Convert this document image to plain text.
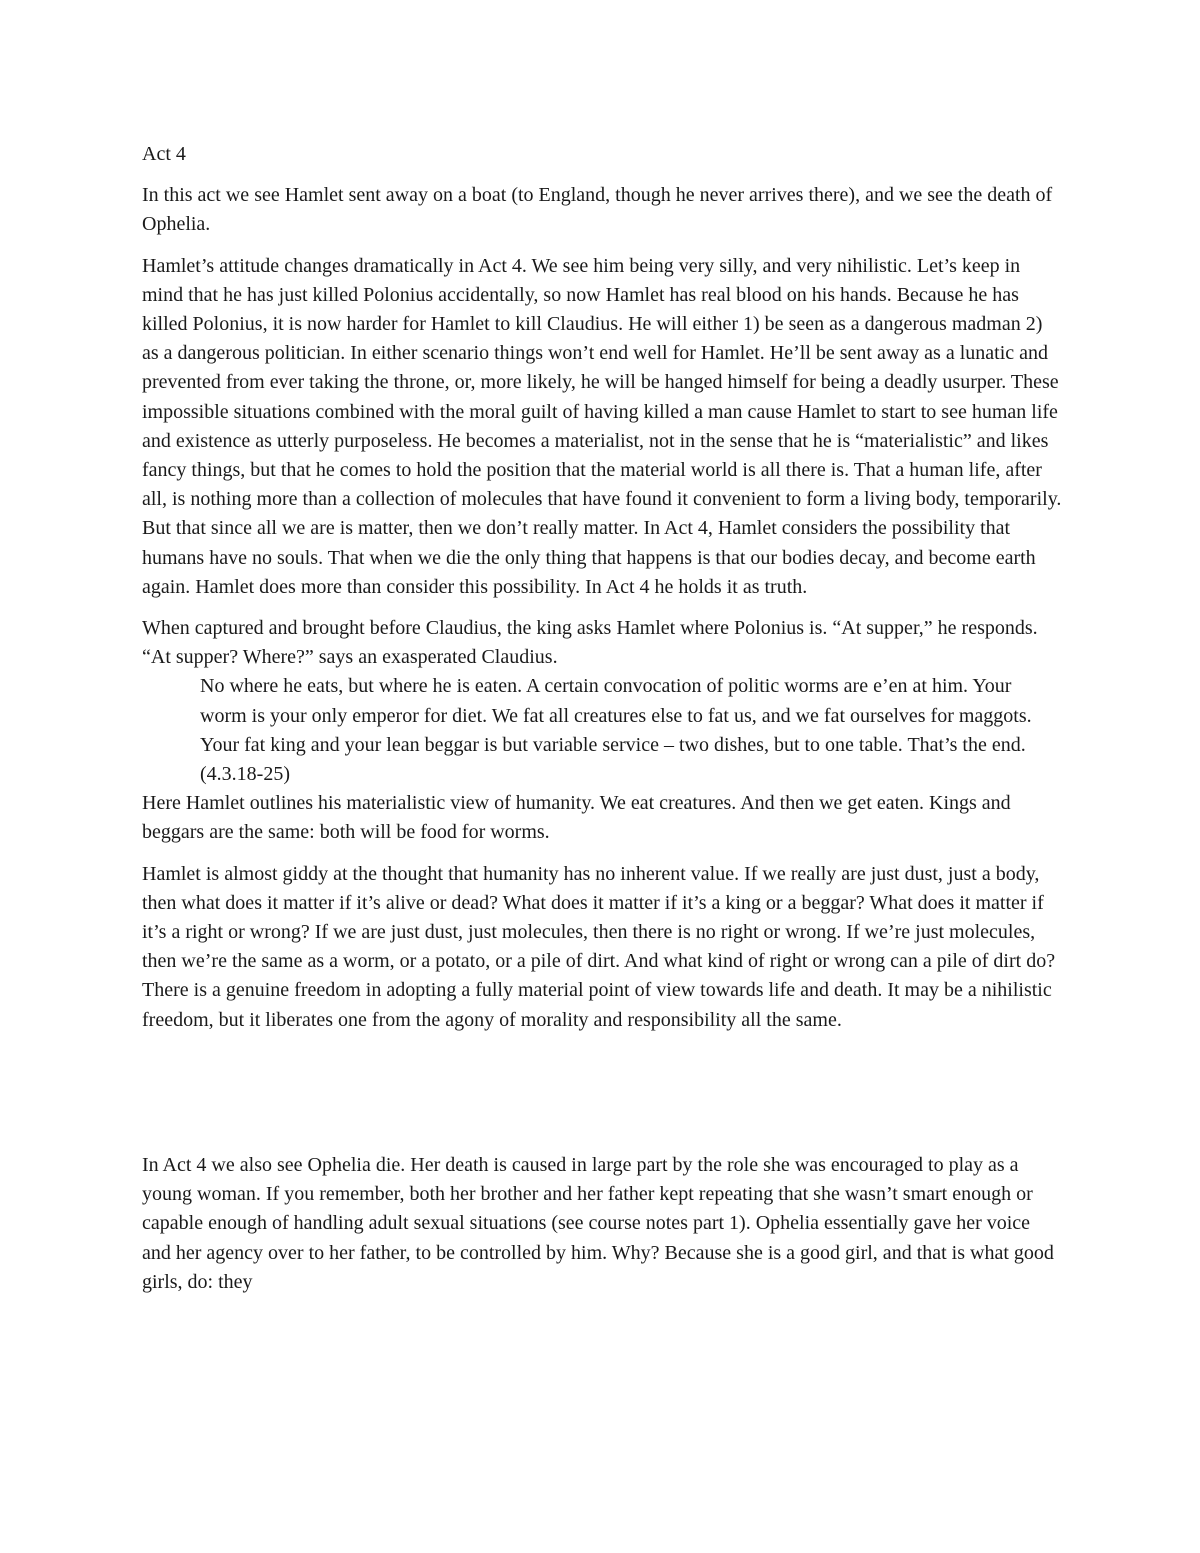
Act 4

In this act we see Hamlet sent away on a boat (to England, though he never arrives there), and we see the death of Ophelia.

Hamlet’s attitude changes dramatically in Act 4. We see him being very silly, and very nihilistic. Let’s keep in mind that he has just killed Polonius accidentally, so now Hamlet has real blood on his hands. Because he has killed Polonius, it is now harder for Hamlet to kill Claudius. He will either 1) be seen as a dangerous madman 2) as a dangerous politician. In either scenario things won’t end well for Hamlet. He’ll be sent away as a lunatic and prevented from ever taking the throne, or, more likely, he will be hanged himself for being a deadly usurper. These impossible situations combined with the moral guilt of having killed a man cause Hamlet to start to see human life and existence as utterly purposeless. He becomes a materialist, not in the sense that he is “materialistic” and likes fancy things, but that he comes to hold the position that the material world is all there is. That a human life, after all, is nothing more than a collection of molecules that have found it convenient to form a living body, temporarily. But that since all we are is matter, then we don’t really matter. In Act 4, Hamlet considers the possibility that humans have no souls. That when we die the only thing that happens is that our bodies decay, and become earth again. Hamlet does more than consider this possibility. In Act 4 he holds it as truth.

When captured and brought before Claudius, the king asks Hamlet where Polonius is. “At supper,” he responds. “At supper? Where?” says an exasperated Claudius.

No where he eats, but where he is eaten. A certain convocation of politic worms are e’en at him. Your worm is your only emperor for diet. We fat all creatures else to fat us, and we fat ourselves for maggots. Your fat king and your lean beggar is but variable service – two dishes, but to one table. That’s the end. (4.3.18-25)

Here Hamlet outlines his materialistic view of humanity. We eat creatures. And then we get eaten. Kings and beggars are the same: both will be food for worms.

Hamlet is almost giddy at the thought that humanity has no inherent value. If we really are just dust, just a body, then what does it matter if it’s alive or dead? What does it matter if it’s a king or a beggar? What does it matter if it’s a right or wrong? If we are just dust, just molecules, then there is no right or wrong. If we’re just molecules, then we’re the same as a worm, or a potato, or a pile of dirt. And what kind of right or wrong can a pile of dirt do? There is a genuine freedom in adopting a fully material point of view towards life and death. It may be a nihilistic freedom, but it liberates one from the agony of morality and responsibility all the same.

In Act 4 we also see Ophelia die. Her death is caused in large part by the role she was encouraged to play as a young woman. If you remember, both her brother and her father kept repeating that she wasn’t smart enough or capable enough of handling adult sexual situations (see course notes part 1). Ophelia essentially gave her voice and her agency over to her father, to be controlled by him. Why? Because she is a good girl, and that is what good girls, do: they
